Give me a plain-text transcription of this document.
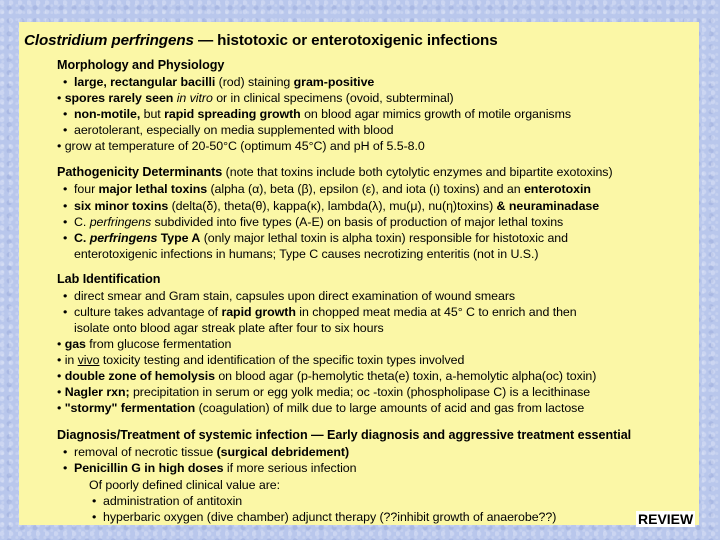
Clostridium perfringens — histotoxic or enterotoxigenic infections
Morphology and Physiology
• large, rectangular bacilli (rod) staining gram-positive
• spores rarely seen in vitro or in clinical specimens (ovoid, subterminal)
• non-motile, but rapid spreading growth on blood agar mimics growth of motile organisms
• aerotolerant, especially on media supplemented with blood
• grow at temperature of 20-50°C (optimum 45°C) and pH of 5.5-8.0
Pathogenicity Determinants (note that toxins include both cytolytic enzymes and bipartite exotoxins)
• four major lethal toxins (alpha (α), beta (β), epsilon (ε), and iota (ι) toxins) and an enterotoxin
• six minor toxins (delta(δ), theta(θ), kappa(κ), lambda(λ), mu(μ), nu(η)toxins) & neuraminadase
• C. perfringens subdivided into five types (A-E) on basis of production of major lethal toxins
• C. perfringens Type A (only major lethal toxin is alpha toxin) responsible for histotoxic and
enterotoxigenic infections in humans; Type C causes necrotizing enteritis (not in U.S.)
Lab Identification
• direct smear and Gram stain, capsules upon direct examination of wound smears
• culture takes advantage of rapid growth in chopped meat media at 45° C to enrich and then
isolate onto blood agar streak plate after four to six hours
• gas from glucose fermentation
• in vivo toxicity testing and identification of the specific toxin types involved
• double zone of hemolysis on blood agar (p-hemolytic theta(e) toxin, a-hemolytic alpha(oc) toxin)
• Nagler rxn; precipitation in serum or egg yolk media; oc -toxin (phospholipase C) is a lecithinase
• "stormy" fermentation (coagulation) of milk due to large amounts of acid and gas from lactose
Diagnosis/Treatment of systemic infection — Early diagnosis and aggressive treatment essential
• removal of necrotic tissue (surgical debridement)
• Penicillin G in high doses if more serious infection
Of poorly defined clinical value are:
• administration of antitoxin
• hyperbaric oxygen (dive chamber) adjunct therapy (??inhibit growth of anaerobe??)	REVIEW
